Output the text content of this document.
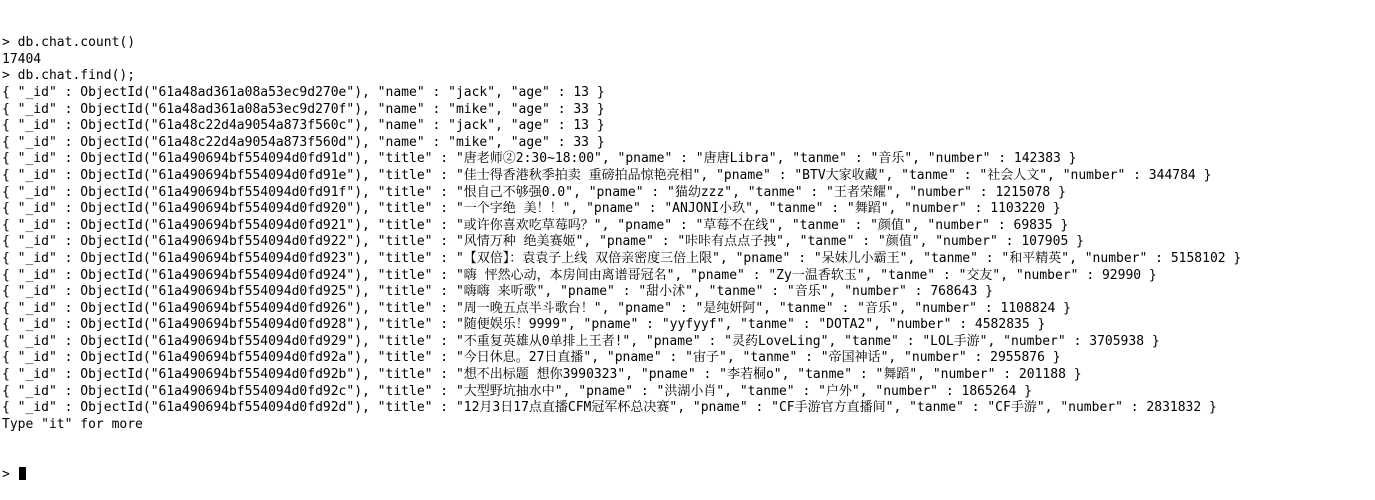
> db.chat.count()
17404
> db.chat.find();
{ "_id" : ObjectId("61a48ad361a08a53ec9d270e"), "name" : "jack", "age" : 13 }
{ "_id" : ObjectId("61a48ad361a08a53ec9d270f"), "name" : "mike", "age" : 33 }
{ "_id" : ObjectId("61a48c22d4a9054a873f560c"), "name" : "jack", "age" : 13 }
{ "_id" : ObjectId("61a48c22d4a9054a873f560d"), "name" : "mike", "age" : 33 }
{ "_id" : ObjectId("61a490694bf554094d0fd91d"), "title" : "唐老师②2:30~18:00", "pname" : "唐唐Libra", "tanme" : "音乐", "number" : 142383 }
{ "_id" : ObjectId("61a490694bf554094d0fd91e"), "title" : "佳士得香港秋季拍卖 重磅拍品惊艳亮相", "pname" : "BTV大家收藏", "tanme" : "社会人文", "number" : 344784 }
{ "_id" : ObjectId("61a490694bf554094d0fd91f"), "title" : "恨自己不够强0.0", "pname" : "猫幼zzz", "tanme" : "王者荣耀", "number" : 1215078 }
{ "_id" : ObjectId("61a490694bf554094d0fd920"), "title" : "一个字绝 美！！", "pname" : "ANJONI小玖", "tanme" : "舞蹈", "number" : 1103220 }
{ "_id" : ObjectId("61a490694bf554094d0fd921"), "title" : "或许你喜欢吃草莓吗？", "pname" : "草莓不在线", "tanme" : "颜值", "number" : 69835 }
{ "_id" : ObjectId("61a490694bf554094d0fd922"), "title" : "风情万种 绝美赛姬", "pname" : "咔咔有点点子拽", "tanme" : "颜值", "number" : 107905 }
{ "_id" : ObjectId("61a490694bf554094d0fd923"), "title" : "【双倍】：袁袁子上线 双倍亲密度三倍上限", "pname" : "呆妹儿小霸王", "tanme" : "和平精英", "number" : 5158102 }
{ "_id" : ObjectId("61a490694bf554094d0fd924"), "title" : "嗨 怦然心动，本房间由离谱哥冠名", "pname" : "Zy一温香软玉", "tanme" : "交友", "number" : 92990 }
{ "_id" : ObjectId("61a490694bf554094d0fd925"), "title" : "嗨嗨 来听歌", "pname" : "甜小沭", "tanme" : "音乐", "number" : 768643 }
{ "_id" : ObjectId("61a490694bf554094d0fd926"), "title" : "周一晚五点半斗歌台！", "pname" : "是纯妍阿", "tanme" : "音乐", "number" : 1108824 }
{ "_id" : ObjectId("61a490694bf554094d0fd928"), "title" : "随便娱乐！9999", "pname" : "yyfyyf", "tanme" : "DOTA2", "number" : 4582835 }
{ "_id" : ObjectId("61a490694bf554094d0fd929"), "title" : "不重复英雄从0单排上王者!", "pname" : "灵药LoveLing", "tanme" : "LOL手游", "number" : 3705938 }
{ "_id" : ObjectId("61a490694bf554094d0fd92a"), "title" : "今日休息。27日直播", "pname" : "宙子", "tanme" : "帝国神话", "number" : 2955876 }
{ "_id" : ObjectId("61a490694bf554094d0fd92b"), "title" : "想不出标题 想你3990323", "pname" : "李若桐o", "tanme" : "舞蹈", "number" : 201188 }
{ "_id" : ObjectId("61a490694bf554094d0fd92c"), "title" : "大型野坑抽水中", "pname" : "洪湖小肖", "tanme" : "户外", "number" : 1865264 }
{ "_id" : ObjectId("61a490694bf554094d0fd92d"), "title" : "12月3日17点直播CFM冠军杯总决赛", "pname" : "CF手游官方直播间", "tanme" : "CF手游", "number" : 2831832 }
Type "it" for more

>
